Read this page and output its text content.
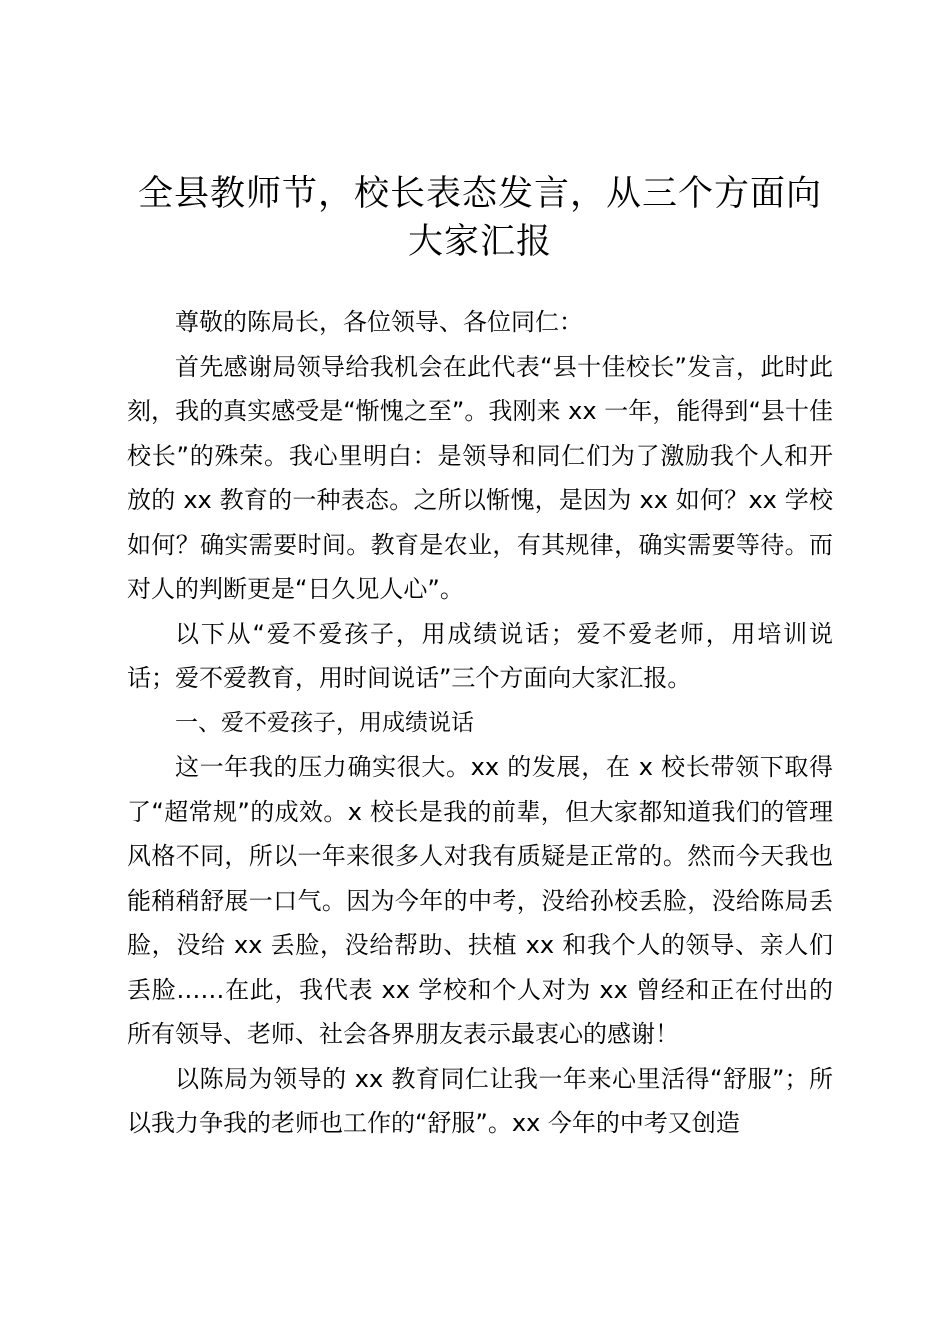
全县教师节，校长表态发言，从三个方面向大家汇报

尊敬的陈局长，各位领导、各位同仁：

首先感谢局领导给我机会在此代表“县十佳校长”发言，此时此刻，我的真实感受是“惭愧之至”。我刚来 xx 一年，能得到“县十佳校长”的殊荣。我心里明白：是领导和同仁们为了激励我个人和开放的 xx 教育的一种表态。之所以惭愧，是因为 xx 如何？xx 学校如何？确实需要时间。教育是农业，有其规律，确实需要等待。而对人的判断更是“日久见人心”。

以下从“爱不爱孩子，用成绩说话；爱不爱老师，用培训说话；爱不爱教育，用时间说话”三个方面向大家汇报。

一、爱不爱孩子，用成绩说话

这一年我的压力确实很大。xx 的发展，在 x 校长带领下取得了“超常规”的成效。x 校长是我的前辈，但大家都知道我们的管理风格不同，所以一年来很多人对我有质疑是正常的。然而今天我也能稍稍舒展一口气。因为今年的中考，没给孙校丢脸，没给陈局丢脸，没给 xx 丢脸，没给帮助、扶植 xx 和我个人的领导、亲人们丢脸……在此，我代表 xx 学校和个人对为 xx 曾经和正在付出的所有领导、老师、社会各界朋友表示最衷心的感谢！

以陈局为领导的 xx 教育同仁让我一年来心里活得“舒服”；所以我力争我的老师也工作的“舒服”。xx 今年的中考又创造
